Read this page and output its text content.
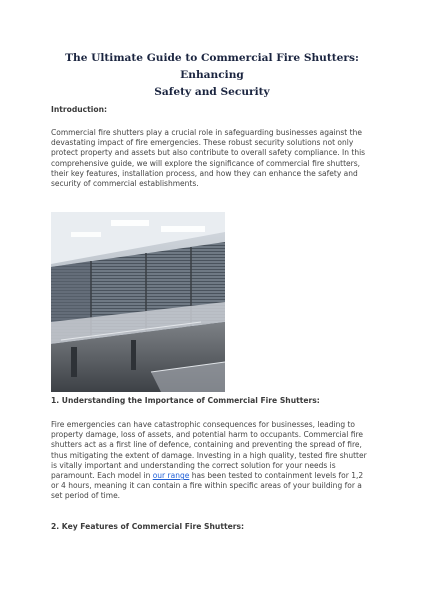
The Ultimate Guide to Commercial Fire Shutters: Enhancing
Safety and Security
Introduction:

Commercial fire shutters play a crucial role in safeguarding businesses against the devastating impact of fire emergencies. These robust security solutions not only protect property and assets but also contribute to overall safety compliance. In this comprehensive guide, we will explore the significance of commercial fire shutters, their key features, installation process, and how they can enhance the safety and security of commercial establishments.

1. Understanding the Importance of Commercial Fire Shutters:

Fire emergencies can have catastrophic consequences for businesses, leading to property damage, loss of assets, and potential harm to occupants. Commercial fire shutters act as a first line of defence, containing and preventing the spread of fire, thus mitigating the extent of damage. Investing in a high quality, tested fire shutter is vitally important and understanding the correct solution for your needs is paramount. Each model in our range has been tested to containment levels for 1,2 or 4 hours, meaning it can contain a fire within specific areas of your building for a set period of time.

2. Key Features of Commercial Fire Shutters:
